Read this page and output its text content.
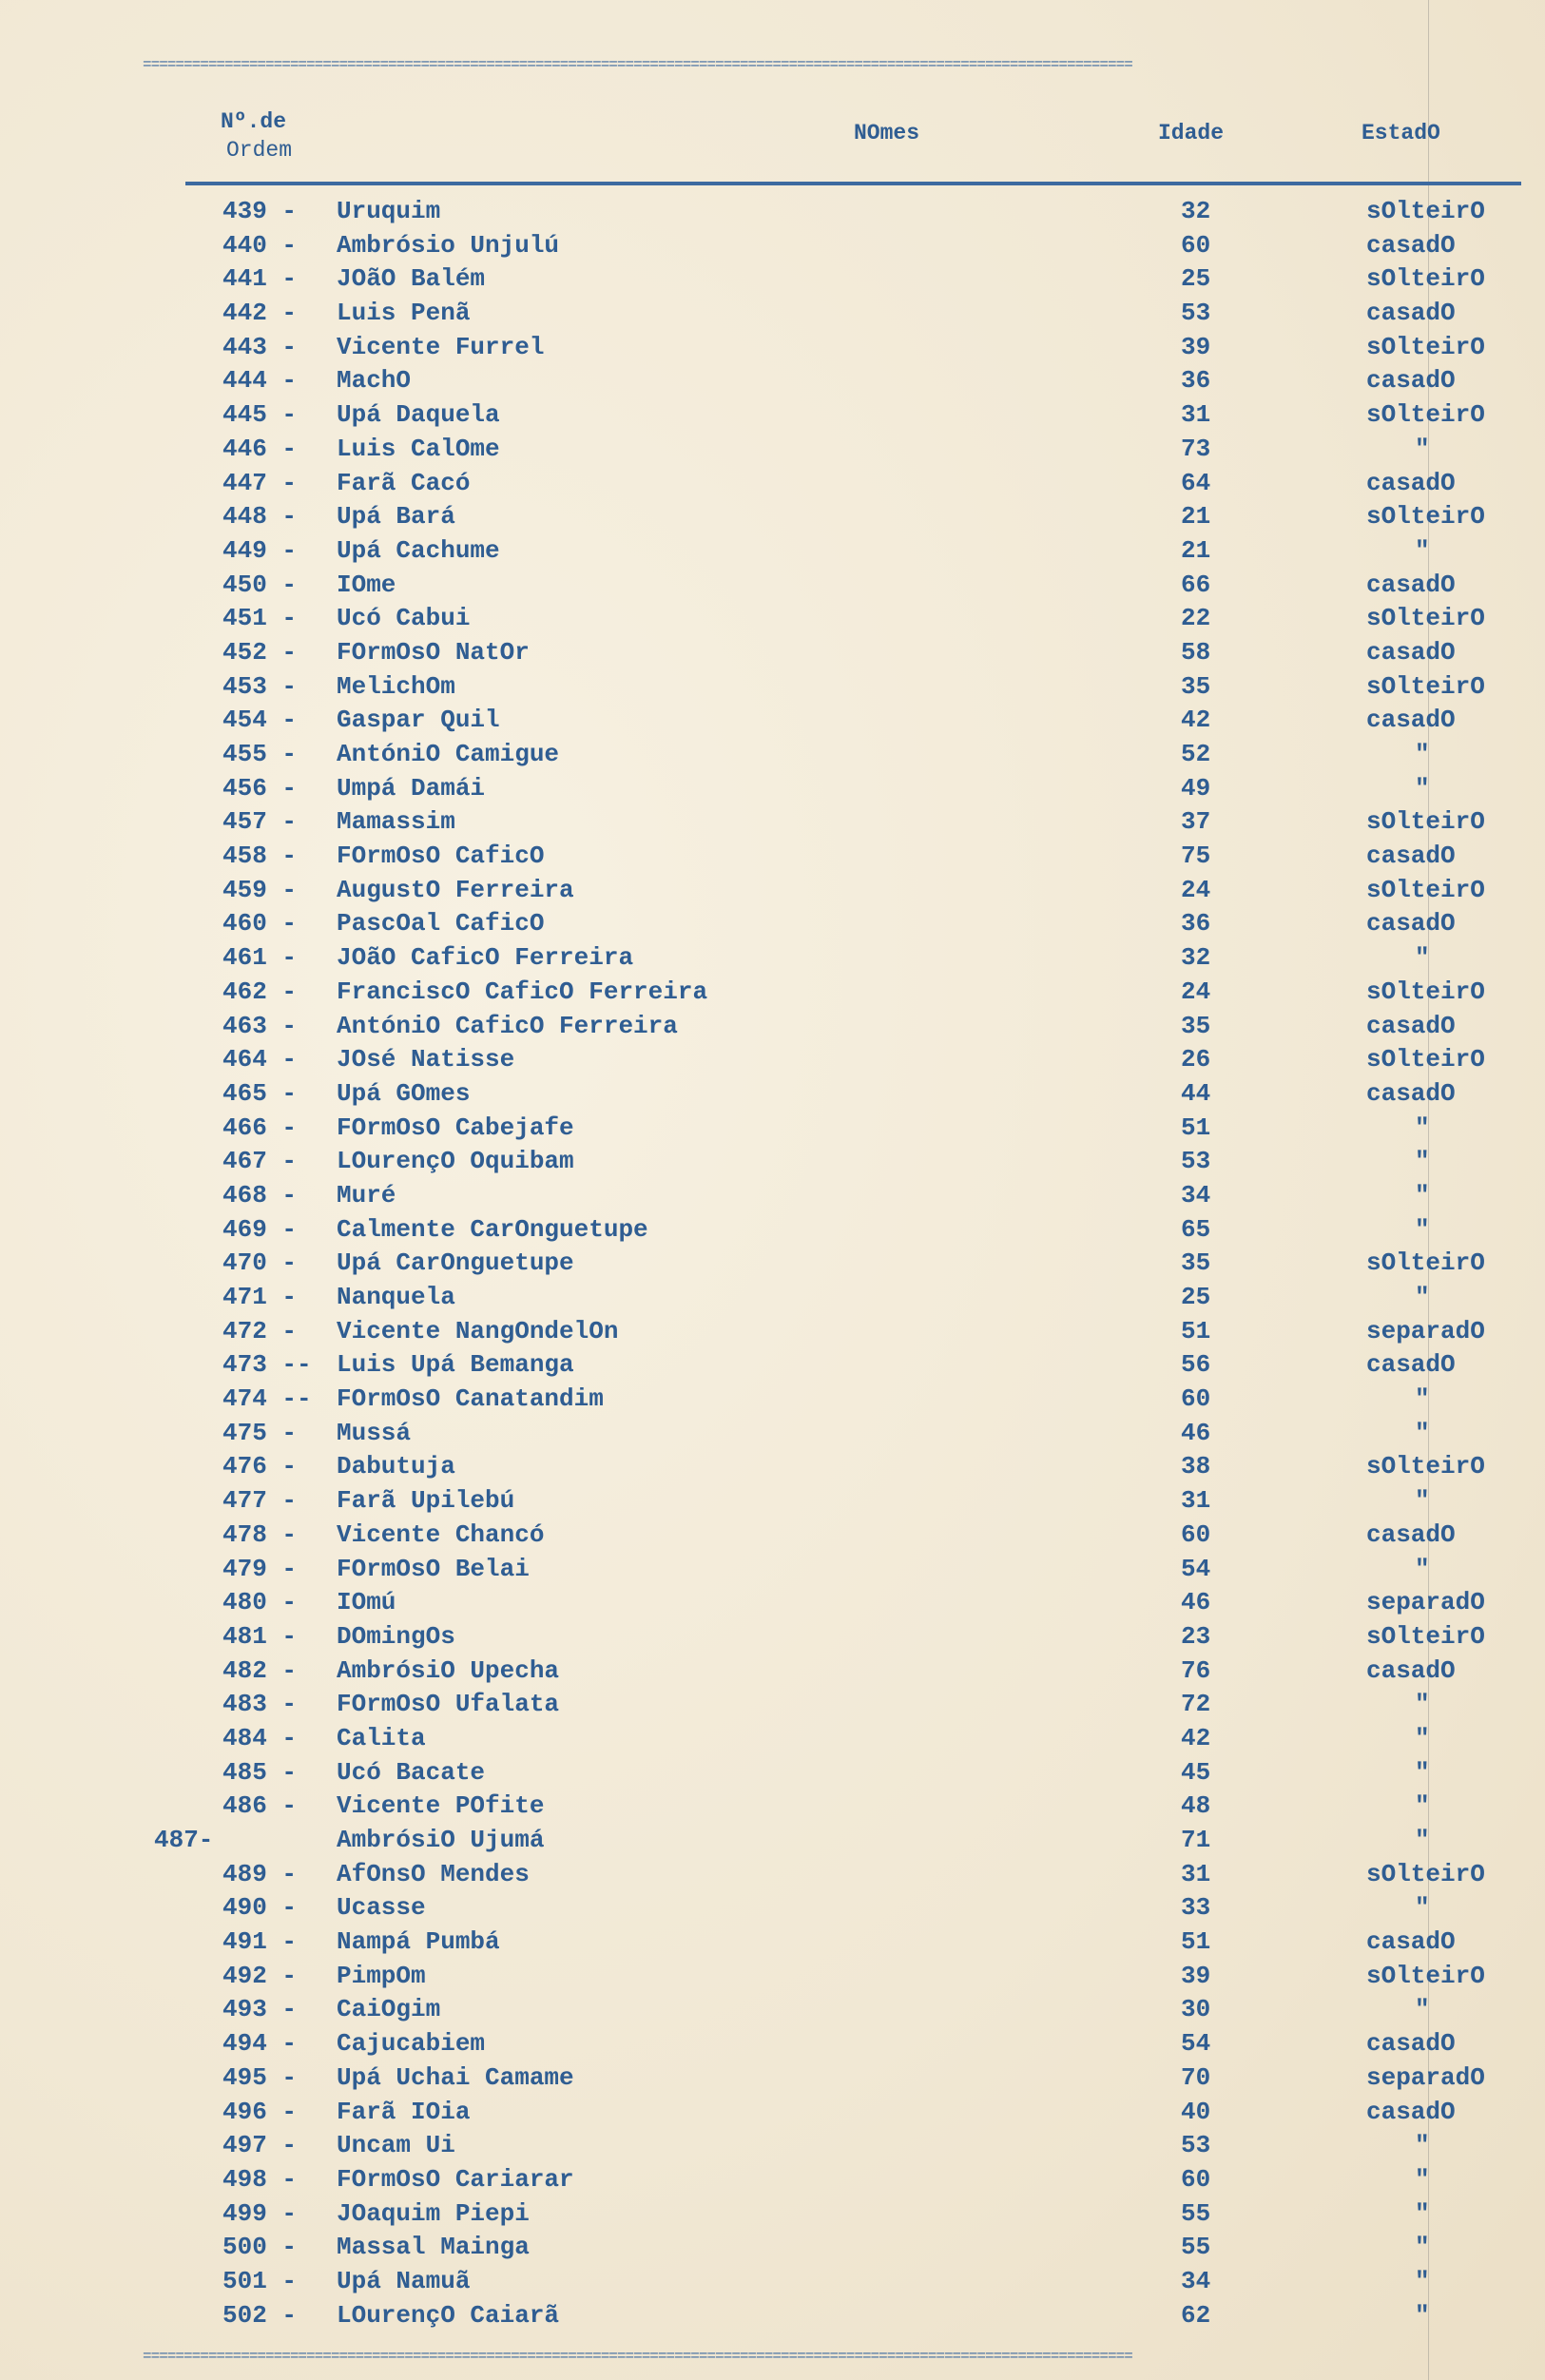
=========================================================================================================================
Nº.de
Ordem
NOmes	Idade	EstadO
439 - Uruquim	32	sOlteirO
440 - Ambrósio Unjulú	60	casadO
441 - JOãO Balém	25	sOlteirO
442 - Luis Penã	53	casadO
443 - Vicente Furrel	39	sOlteirO
444 - MachO	36	casadO
445 - Upá Daquela	31	sOlteirO
446 - Luis CalOme	73	"
447 - Farã Cacó	64	casadO
448 - Upá Bará	21	sOlteirO
449 - Upá Cachume	21	"
450 - IOme	66	casadO
451 - Ucó Cabui	22	sOlteirO
452 - FOrmOsO NatOr	58	casadO
453 - MelichOm	35	sOlteirO
454 - Gaspar Quil	42	casadO
455 - AntóniO Camigue	52	"
456 - Umpá Damái	49	"
457 - Mamassim	37	sOlteirO
458 - FOrmOsO CaficO	75	casadO
459 - AugustO Ferreira	24	sOlteirO
460 - PascOal CaficO	36	casadO
461 - JOãO CaficO Ferreira	32	"
462 - FranciscO CaficO Ferreira	24	sOlteirO
463 - AntóniO CaficO Ferreira	35	casadO
464 - JOsé Natisse	26	sOlteirO
465 - Upá GOmes	44	casadO
466 - FOrmOsO Cabejafe	51	"
467 - LOurençO Oquibam	53	"
468 - Muré	34	"
469 - Calmente CarOnguetupe	65	"
470 - Upá CarOnguetupe	35	sOlteirO
471 - Nanquela	25	"
472 - Vicente NangOndelOn	51	separadO
473 -- Luis Upá Bemanga	56	casadO
474 -- FOrmOsO Canatandim	60	"
475 - Mussá	46	"
476 - Dabutuja	38	sOlteirO
477 - Farã Upilebú	31	"
478 - Vicente Chancó	60	casadO
479 - FOrmOsO Belai	54	"
480 - IOmú	46	separadO
481 - DOmingOs	23	sOlteirO
482 - AmbrósiO Upecha	76	casadO
483 - FOrmOsO Ufalata	72	"
484 - Calita	42	"
485 - Ucó Bacate	45	"
486 - Vicente POfite	48	"
487-	AmbrósiO Ujumá	71	"
489 - AfOnsO Mendes	31	sOlteirO
490 - Ucasse	33	"
491 - Nampá Pumbá	51	casadO
492 - PimpOm	39	sOlteirO
493 - CaiOgim	30	"
494 - Cajucabiem	54	casadO
495 - Upá Uchai Camame	70	separadO
496 - Farã IOia	40	casadO
497 - Uncam Ui	53	"
498 - FOrmOsO Cariarar	60	"
499 - JOaquim Piepi	55	"
500 - Massal Mainga	55	"
501 - Upá Namuã	34	"
502 - LOurençO Caiarã	62	"
=========================================================================================================================
